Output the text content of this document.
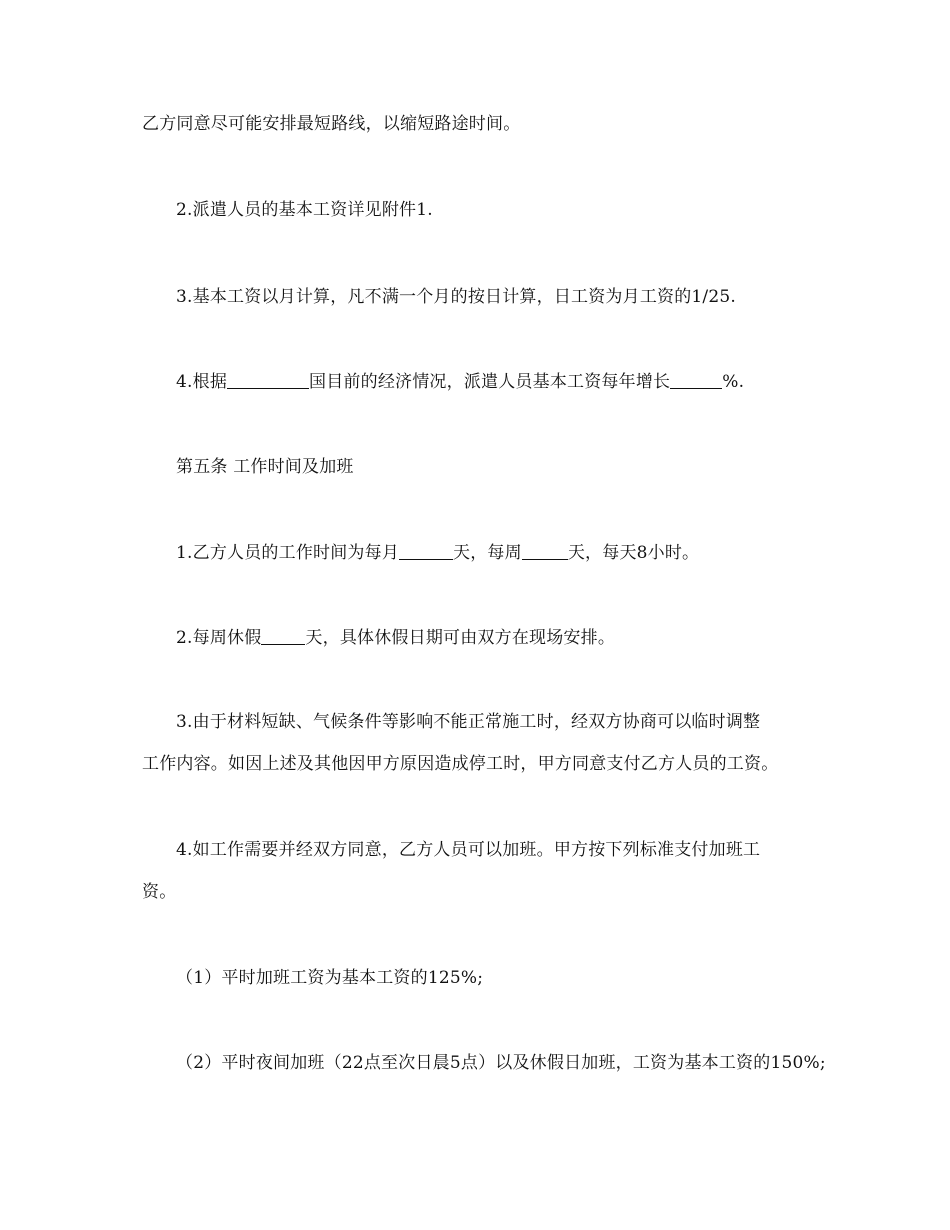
乙方同意尽可能安排最短路线，以缩短路途时间。
2.派遣人员的基本工资详见附件1.
3.基本工资以月计算，凡不满一个月的按日计算，日工资为月工资的1/25.
4.根据	国目前的经济情况，派遣人员基本工资每年增长	%.
第五条 工作时间及加班
1.乙方人员的工作时间为每月	天，每周	天，每天8小时。
2.每周休假	天，具体休假日期可由双方在现场安排。
3.由于材料短缺、气候条件等影响不能正常施工时，经双方协商可以临时调整
工作内容。如因上述及其他因甲方原因造成停工时，甲方同意支付乙方人员的工资。
4.如工作需要并经双方同意，乙方人员可以加班。甲方按下列标准支付加班工
资。
（1）平时加班工资为基本工资的125%;
（2）平时夜间加班（22点至次日晨5点）以及休假日加班，工资为基本工资的150%;
